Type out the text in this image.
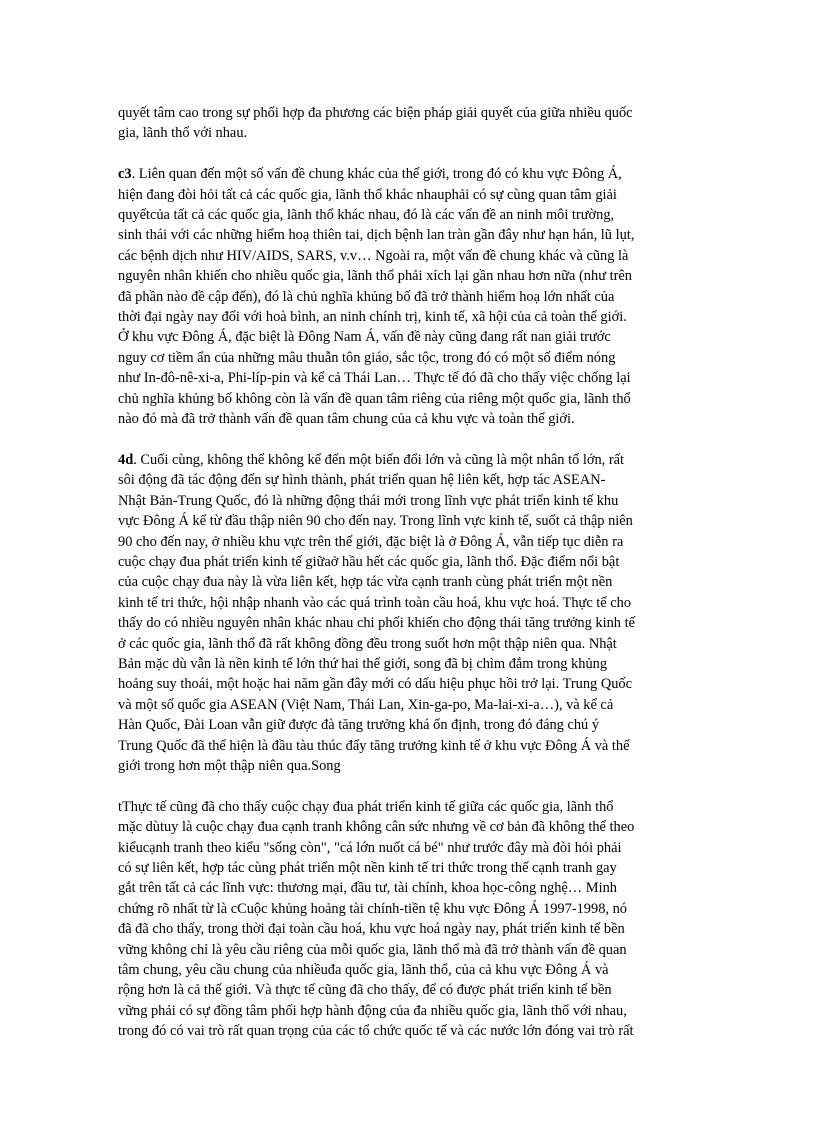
quyết tâm cao trong sự phối hợp đa phương các biện pháp giải quyết của giữa nhiều quốc
gia, lãnh thổ với nhau.

c3. Liên quan đến một số vấn đề chung khác của thế giới, trong đó có khu vực Đông Á,
hiện đang đòi hỏi tất cả các quốc gia, lãnh thổ khác nhauphải có sự cùng quan tâm giải
quyếtcủa tất cả các quốc gia, lãnh thổ khác nhau, đó là các vấn đề an ninh môi trường,
sinh thái với các những hiểm hoạ thiên tai, dịch bệnh lan tràn gần đây như hạn hán, lũ lụt,
các bệnh dịch như HIV/AIDS, SARS, v.v… Ngoài ra, một vấn đề chung khác và cũng là
nguyên nhân khiến cho nhiều quốc gia, lãnh thổ phải xích lại gần nhau hơn nữa (như trên
đã phần nào đề cập đến), đó là chủ nghĩa khủng bố đã trở thành hiểm hoạ lớn nhất của
thời đại ngày nay đối với hoà bình, an ninh chính trị, kinh tế, xã hội của cả toàn thế giới.
Ở khu vực Đông Á, đặc biệt là Đông Nam Á, vấn đề này cũng đang rất nan giải trước
nguy cơ tiềm ẩn của những mâu thuẫn tôn giáo, sắc tộc, trong đó có một số điểm nóng
như In-đô-nê-xi-a, Phi-líp-pin và kể cả Thái Lan… Thực tế đó đã cho thấy việc chống lại
chủ nghĩa khủng bố không còn là vấn đề quan tâm riêng của riêng một quốc gia, lãnh thổ
nào đó mà đã trở thành vấn đề quan tâm chung của cả khu vực và toàn thế giới.

4d. Cuối cùng, không thể không kể đến một biến đổi lớn và cũng là một nhân tố lớn, rất
sôi động đã tác động đến sự hình thành, phát triển quan hệ liên kết, hợp tác ASEAN-
Nhật Bản-Trung Quốc, đó là những động thái mới trong lĩnh vực phát triển kinh tế khu
vực Đông Á kể từ đầu thập niên 90 cho đến nay. Trong lĩnh vực kinh tế, suốt cả thập niên
90 cho đến nay, ở nhiều khu vực trên thế giới, đặc biệt là ở Đông Á, vẫn tiếp tục diễn ra
cuộc chạy đua phát triển kinh tế giữaở hầu hết các quốc gia, lãnh thổ. Đặc điểm nổi bật
của cuộc chạy đua này là vừa liên kết, hợp tác vừa cạnh tranh cùng phát triển một nền
kinh tế tri thức, hội nhập nhanh vào các quá trình toàn cầu hoá, khu vực hoá. Thực tế cho
thấy do có nhiều nguyên nhân khác nhau chi phối khiến cho động thái tăng trưởng kinh tế
ở các quốc gia, lãnh thổ đã rất không đồng đều trong suốt hơn một thập niên qua. Nhật
Bản mặc dù vẫn là nền kinh tế lớn thứ hai thế giới, song đã bị chìm đắm trong khủng
hoảng suy thoái, một hoặc hai năm gần đây mới có dấu hiệu phục hồi trở lại. Trung Quốc
và một số quốc gia ASEAN (Việt Nam, Thái Lan, Xin-ga-po, Ma-lai-xi-a…), và kể cả
Hàn Quốc, Đài Loan vẫn giữ được đà tăng trưởng khá ổn định, trong đó đáng chú ý
Trung Quốc đã thể hiện là đầu tàu thúc đẩy tăng trưởng kinh tế ở khu vực Đông Á và thế
giới trong hơn một thập niên qua.Song

tThực tế cũng đã cho thấy cuộc chạy đua phát triển kinh tế giữa các quốc gia, lãnh thổ
mặc dùtuy là cuộc chạy đua cạnh tranh không cân sức nhưng về cơ bản đã không thể theo
kiểucạnh tranh theo kiểu "sống còn", "cá lớn nuốt cá bé" như trước đây mà đòi hỏi phải
có sự liên kết, hợp tác cùng phát triển một nền kinh tế tri thức trong thế cạnh tranh gay
gắt trên tất cả các lĩnh vực: thương mại, đầu tư, tài chính, khoa học-công nghệ… Minh
chứng rõ nhất từ là cCuộc khủng hoảng tài chính-tiền tệ khu vực Đông Á 1997-1998, nó
đã đã cho thấy, trong thời đại toàn cầu hoá, khu vực hoá ngày nay, phát triển kinh tế bền
vững không chỉ là yêu cầu riêng của mỗi quốc gia, lãnh thổ mà đã trở thành vấn đề quan
tâm chung, yêu cầu chung của nhiềuđa quốc gia, lãnh thổ, của cả khu vực Đông Á và
rộng hơn là cả thế giới. Và thực tế cũng đã cho thấy, để có được phát triển kinh tế bền
vững phải có sự đồng tâm phối hợp hành động của đa nhiều quốc gia, lãnh thổ với nhau,
trong đó có vai trò rất quan trọng của các tổ chức quốc tế và các nước lớn đóng vai trò rất
